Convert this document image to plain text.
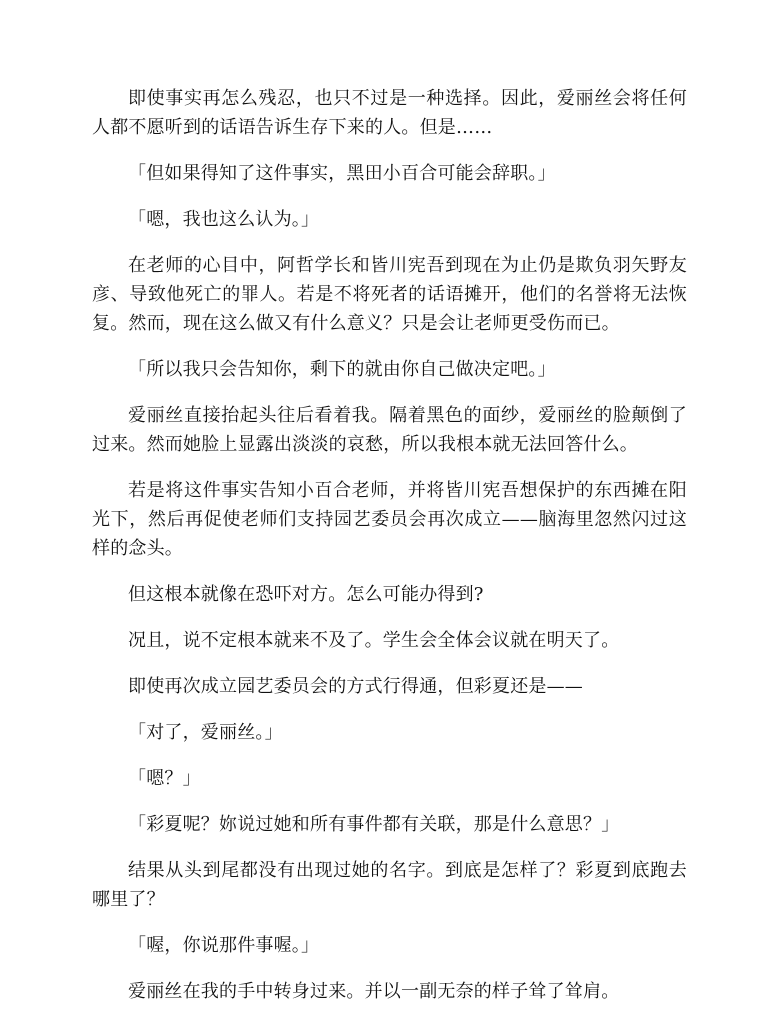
即使事实再怎么残忍，也只不过是一种选择。因此，爱丽丝会将任何人都不愿听到的话语告诉生存下来的人。但是……

「但如果得知了这件事实，黑田小百合可能会辞职。」

「嗯，我也这么认为。」

在老师的心目中，阿哲学长和皆川宪吾到现在为止仍是欺负羽矢野友彦、导致他死亡的罪人。若是不将死者的话语摊开，他们的名誉将无法恢复。然而，现在这么做又有什么意义？只是会让老师更受伤而已。

「所以我只会告知你，剩下的就由你自己做决定吧。」

爱丽丝直接抬起头往后看着我。隔着黑色的面纱，爱丽丝的脸颠倒了过来。然而她脸上显露出淡淡的哀愁，所以我根本就无法回答什么。

若是将这件事实告知小百合老师，并将皆川宪吾想保护的东西摊在阳光下，然后再促使老师们支持园艺委员会再次成立——脑海里忽然闪过这样的念头。

但这根本就像在恐吓对方。怎么可能办得到?

况且，说不定根本就来不及了。学生会全体会议就在明天了。

即使再次成立园艺委员会的方式行得通，但彩夏还是——

「对了，爱丽丝。」

「嗯？」

「彩夏呢？妳说过她和所有事件都有关联，那是什么意思？」

结果从头到尾都没有出现过她的名字。到底是怎样了？彩夏到底跑去哪里了？

「喔，你说那件事喔。」

爱丽丝在我的手中转身过来。并以一副无奈的样子耸了耸肩。
